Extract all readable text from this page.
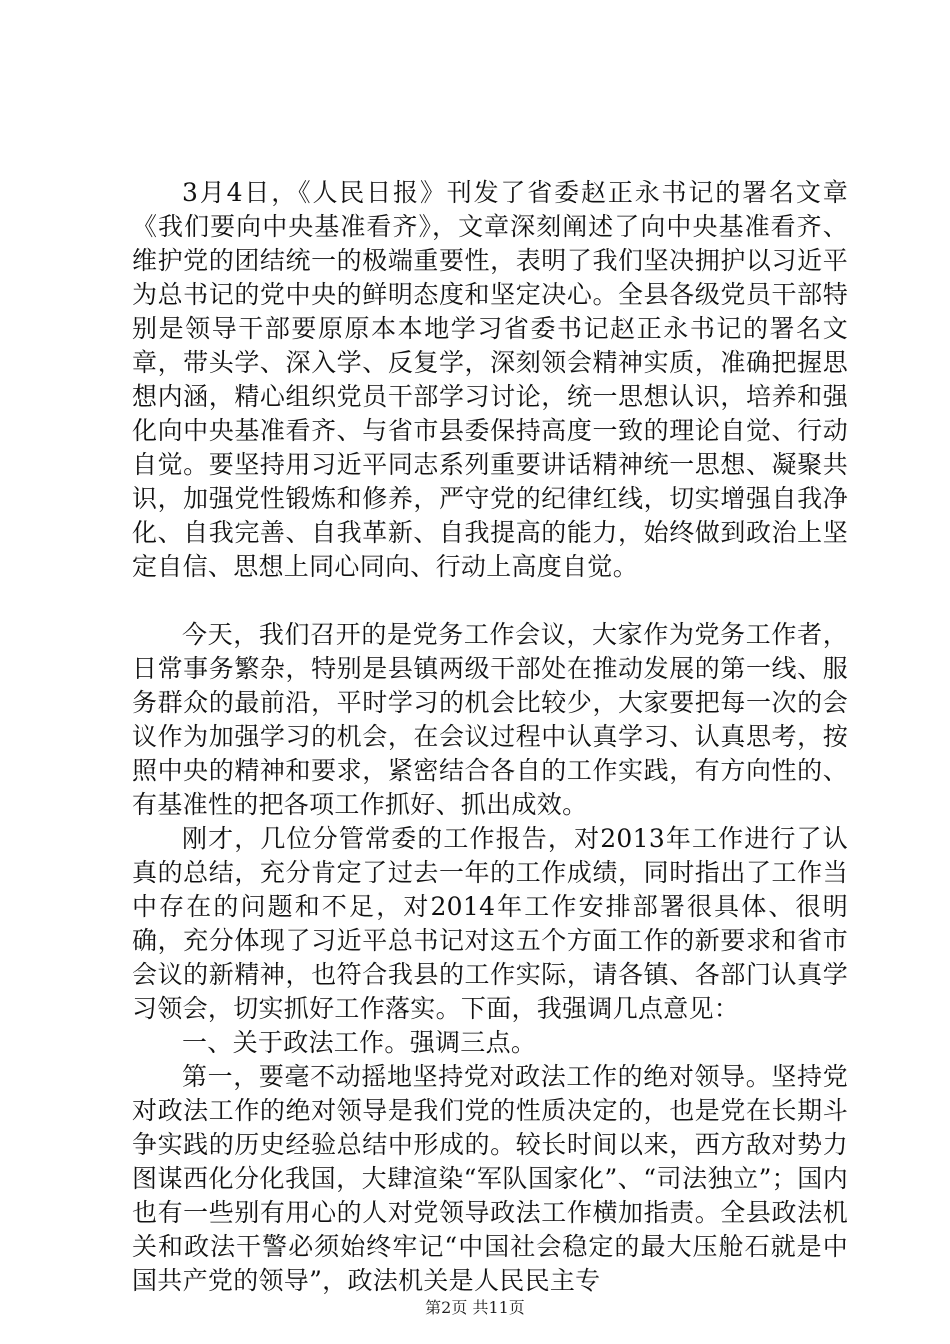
3月4日，《人民日报》刊发了省委赵正永书记的署名文章《我们要向中央基准看齐》，文章深刻阐述了向中央基准看齐、维护党的团结统一的极端重要性，表明了我们坚决拥护以习近平为总书记的党中央的鲜明态度和坚定决心。全县各级党员干部特别是领导干部要原原本本地学习省委书记赵正永书记的署名文章，带头学、深入学、反复学，深刻领会精神实质，准确把握思想内涵，精心组织党员干部学习讨论，统一思想认识，培养和强化向中央基准看齐、与省市县委保持高度一致的理论自觉、行动自觉。要坚持用习近平同志系列重要讲话精神统一思想、凝聚共识，加强党性锻炼和修养，严守党的纪律红线，切实增强自我净化、自我完善、自我革新、自我提高的能力，始终做到政治上坚定自信、思想上同心同向、行动上高度自觉。

今天，我们召开的是党务工作会议，大家作为党务工作者，日常事务繁杂，特别是县镇两级干部处在推动发展的第一线、服务群众的最前沿，平时学习的机会比较少，大家要把每一次的会议作为加强学习的机会，在会议过程中认真学习、认真思考，按照中央的精神和要求，紧密结合各自的工作实践，有方向性的、有基准性的把各项工作抓好、抓出成效。

刚才，几位分管常委的工作报告，对2013年工作进行了认真的总结，充分肯定了过去一年的工作成绩，同时指出了工作当中存在的问题和不足，对2014年工作安排部署很具体、很明确，充分体现了习近平总书记对这五个方面工作的新要求和省市会议的新精神，也符合我县的工作实际，请各镇、各部门认真学习领会，切实抓好工作落实。下面，我强调几点意见：

一、关于政法工作。强调三点。

第一，要毫不动摇地坚持党对政法工作的绝对领导。坚持党对政法工作的绝对领导是我们党的性质决定的，也是党在长期斗争实践的历史经验总结中形成的。较长时间以来，西方敌对势力图谋西化分化我国，大肆渲染“军队国家化”、“司法独立”；国内也有一些别有用心的人对党领导政法工作横加指责。全县政法机关和政法干警必须始终牢记“中国社会稳定的最大压舱石就是中国共产党的领导”，政法机关是人民民主专

第2页 共11页
